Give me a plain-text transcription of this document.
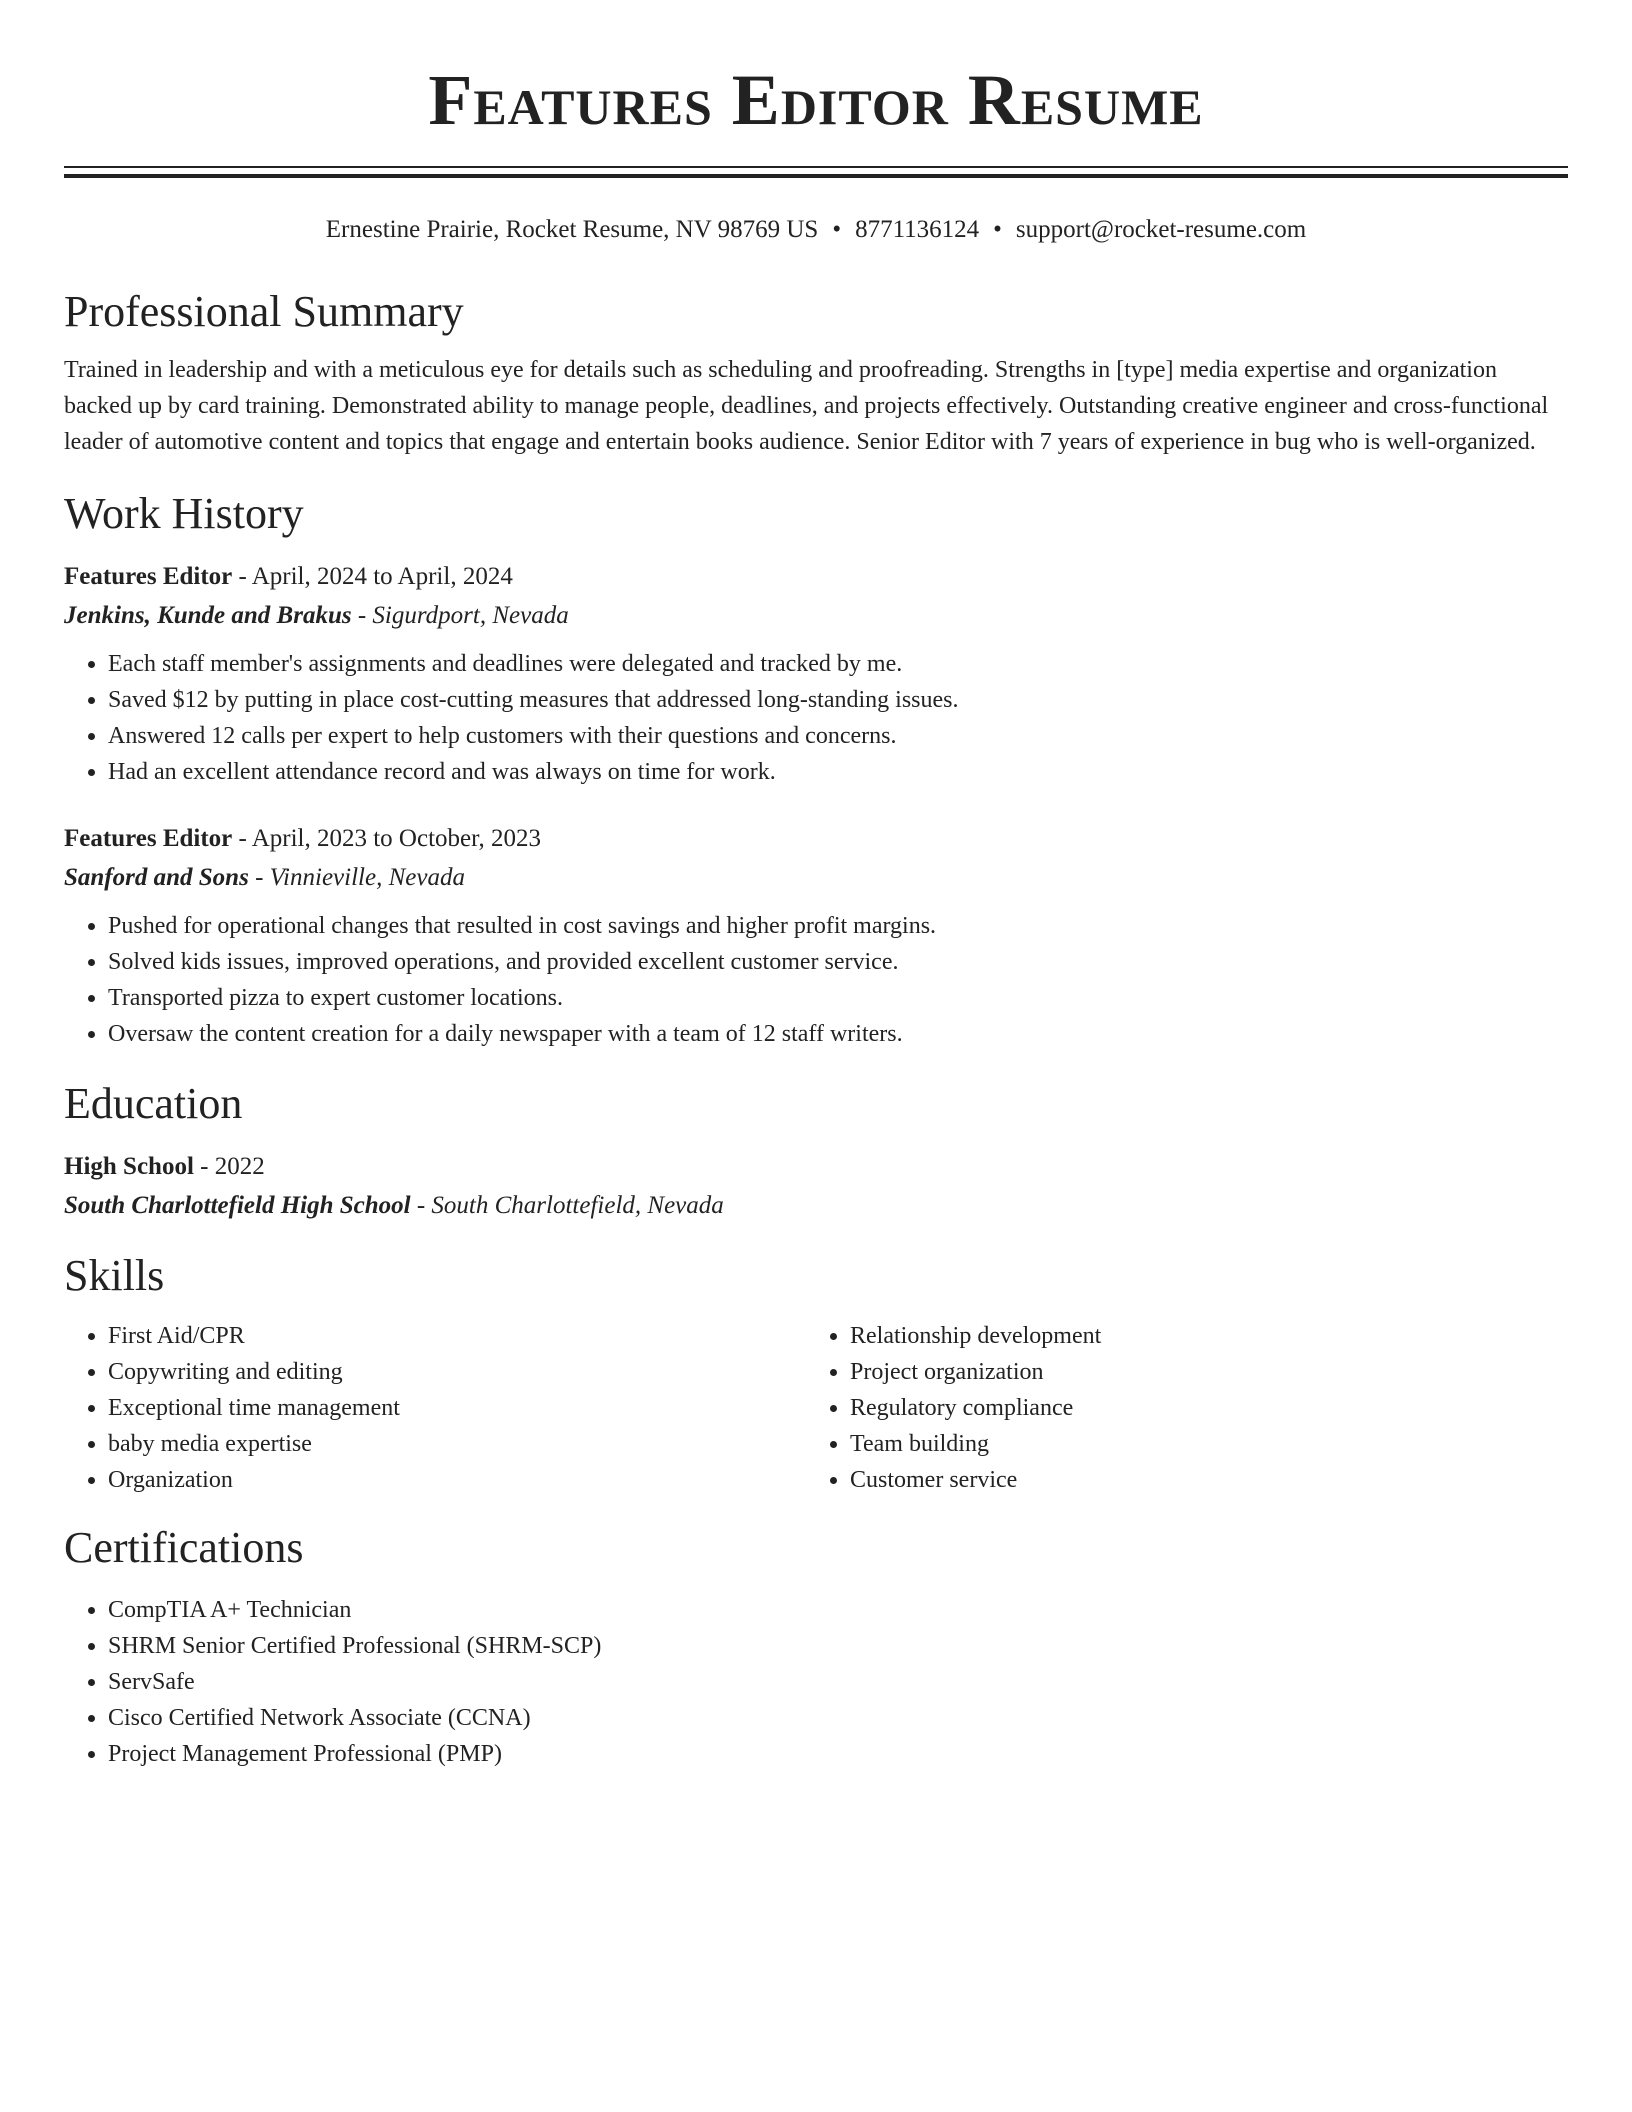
Features Editor Resume
Ernestine Prairie, Rocket Resume, NV 98769 US • 8771136124 • support@rocket-resume.com
Professional Summary
Trained in leadership and with a meticulous eye for details such as scheduling and proofreading. Strengths in [type] media expertise and organization backed up by card training. Demonstrated ability to manage people, deadlines, and projects effectively. Outstanding creative engineer and cross-functional leader of automotive content and topics that engage and entertain books audience. Senior Editor with 7 years of experience in bug who is well-organized.
Work History
Features Editor - April, 2024 to April, 2024
Jenkins, Kunde and Brakus - Sigurdport, Nevada
• Each staff member's assignments and deadlines were delegated and tracked by me.
• Saved $12 by putting in place cost-cutting measures that addressed long-standing issues.
• Answered 12 calls per expert to help customers with their questions and concerns.
• Had an excellent attendance record and was always on time for work.
Features Editor - April, 2023 to October, 2023
Sanford and Sons - Vinnieville, Nevada
• Pushed for operational changes that resulted in cost savings and higher profit margins.
• Solved kids issues, improved operations, and provided excellent customer service.
• Transported pizza to expert customer locations.
• Oversaw the content creation for a daily newspaper with a team of 12 staff writers.
Education
High School - 2022
South Charlottefield High School - South Charlottefield, Nevada
Skills
• First Aid/CPR
• Copywriting and editing
• Exceptional time management
• baby media expertise
• Organization
• Relationship development
• Project organization
• Regulatory compliance
• Team building
• Customer service
Certifications
• CompTIA A+ Technician
• SHRM Senior Certified Professional (SHRM-SCP)
• ServSafe
• Cisco Certified Network Associate (CCNA)
• Project Management Professional (PMP)
